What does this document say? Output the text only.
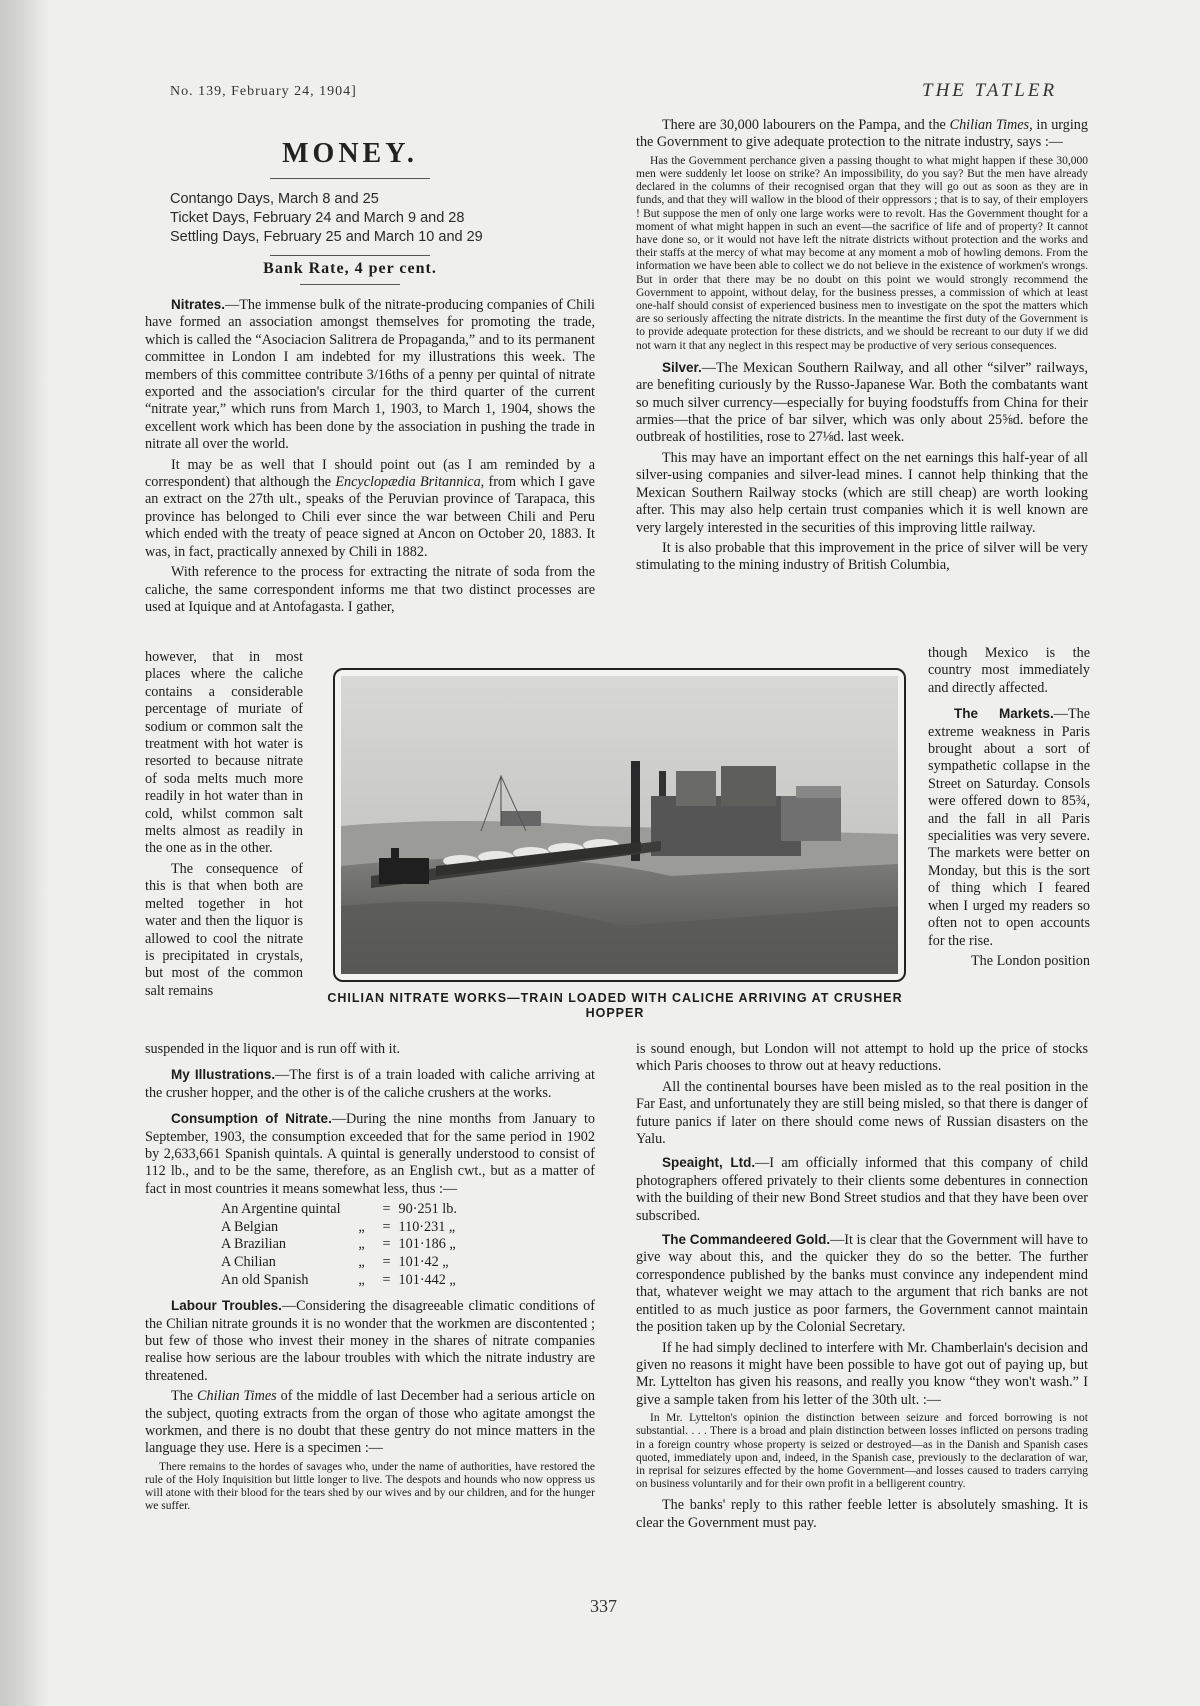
No. 139, February 24, 1904]	THE TATLER
MONEY.
Contango Days, March 8 and 25
Ticket Days, February 24 and March 9 and 28
Settling Days, February 25 and March 10 and 29
Bank Rate, 4 per cent.

Nitrates.—The immense bulk of the nitrate-producing companies of Chili have formed an association amongst themselves for promoting the trade, which is called the “Asociacion Salitrera de Propaganda,” and to its permanent committee in London I am indebted for my illustrations this week. The members of this committee contribute 3/16ths of a penny per quintal of nitrate exported and the association's circular for the third quarter of the current “nitrate year,” which runs from March 1, 1903, to March 1, 1904, shows the excellent work which has been done by the association in pushing the trade in nitrate all over the world.

It may be as well that I should point out (as I am reminded by a correspondent) that although the Encyclopædia Britannica, from which I gave an extract on the 27th ult., speaks of the Peruvian province of Tarapaca, this province has belonged to Chili ever since the war between Chili and Peru which ended with the treaty of peace signed at Ancon on October 20, 1883. It was, in fact, practically annexed by Chili in 1882.

With reference to the process for extracting the nitrate of soda from the caliche, the same correspondent informs me that two distinct processes are used at Iquique and at Antofagasta. I gather,

however, that in most places where the caliche contains a considerable percentage of muriate of sodium or common salt the treatment with hot water is resorted to because nitrate of soda melts much more readily in hot water than in cold, whilst common salt melts almost as readily in the one as in the other.

The consequence of this is that when both are melted together in hot water and then the liquor is allowed to cool the nitrate is precipitated in crystals, but most of the common salt remains	CHILIAN NITRATE WORKS—TRAIN LOADED WITH CALICHE ARRIVING AT CRUSHER HOPPER

suspended in the liquor and is run off with it.

My Illustrations.—The first is of a train loaded with caliche arriving at the crusher hopper, and the other is of the caliche crushers at the works.

Consumption of Nitrate.—During the nine months from January to September, 1903, the consumption exceeded that for the same period in 1902 by 2,633,661 Spanish quintals. A quintal is generally understood to consist of 112 lb., and to be the same, therefore, as an English cwt., but as a matter of fact in most countries it means somewhat less, thus :—

An Argentine quintal		=	90·251 lb.
A Belgian	„	=	110·231 „
A Brazilian	„	=	101·186 „
A Chilian	„	=	101·42 „
An old Spanish	„	=	101·442 „

Labour Troubles.—Considering the disagreeable climatic conditions of the Chilian nitrate grounds it is no wonder that the workmen are discontented ; but few of those who invest their money in the shares of nitrate companies realise how serious are the labour troubles with which the nitrate industry are threatened.

The Chilian Times of the middle of last December had a serious article on the subject, quoting extracts from the organ of those who agitate amongst the workmen, and there is no doubt that these gentry do not mince matters in the language they use. Here is a specimen :—

There remains to the hordes of savages who, under the name of authorities, have restored the rule of the Holy Inquisition but little longer to live. The despots and hounds who now oppress us will atone with their blood for the tears shed by our wives and by our children, and for the hunger we suffer.

There are 30,000 labourers on the Pampa, and the Chilian Times, in urging the Government to give adequate protection to the nitrate industry, says :—

Has the Government perchance given a passing thought to what might happen if these 30,000 men were suddenly let loose on strike? An impossibility, do you say? But the men have already declared in the columns of their recognised organ that they will go out as soon as they are in funds, and that they will wallow in the blood of their oppressors ; that is to say, of their employers ! But suppose the men of only one large works were to revolt. Has the Government thought for a moment of what might happen in such an event—the sacrifice of life and of property? It cannot have done so, or it would not have left the nitrate districts without protection and the works and their staffs at the mercy of what may become at any moment a mob of howling demons. From the information we have been able to collect we do not believe in the existence of workmen's wrongs. But in order that there may be no doubt on this point we would strongly recommend the Government to appoint, without delay, for the business presses, a commission of which at least one-half should consist of experienced business men to investigate on the spot the matters which are so seriously affecting the nitrate districts. In the meantime the first duty of the Government is to provide adequate protection for these districts, and we should be recreant to our duty if we did not warn it that any neglect in this respect may be productive of very serious consequences.

Silver.—The Mexican Southern Railway, and all other “silver” railways, are benefiting curiously by the Russo-Japanese War. Both the combatants want so much silver currency—especially for buying foodstuffs from China for their armies—that the price of bar silver, which was only about 25⅝d. before the outbreak of hostilities, rose to 27⅛d. last week.

This may have an important effect on the net earnings this half-year of all silver-using companies and silver-lead mines. I cannot help thinking that the Mexican Southern Railway stocks (which are still cheap) are worth looking after. This may also help certain trust companies which it is well known are very largely interested in the securities of this improving little railway.

It is also probable that this improvement in the price of silver will be very stimulating to the mining industry of British Columbia,

though Mexico is the country most immediately and directly affected.

The Markets.—The extreme weakness in Paris brought about a sort of sympathetic collapse in the Street on Saturday. Consols were offered down to 85¾, and the fall in all Paris specialities was very severe. The markets were better on Monday, but this is the sort of thing which I feared when I urged my readers so often not to open accounts for the rise.

The London position

is sound enough, but London will not attempt to hold up the price of stocks which Paris chooses to throw out at heavy reductions.

All the continental bourses have been misled as to the real position in the Far East, and unfortunately they are still being misled, so that there is danger of future panics if later on there should come news of Russian disasters on the Yalu.

Speaight, Ltd.—I am officially informed that this company of child photographers offered privately to their clients some debentures in connection with the building of their new Bond Street studios and that they have been over subscribed.

The Commandeered Gold.—It is clear that the Government will have to give way about this, and the quicker they do so the better. The further correspondence published by the banks must convince any independent mind that, whatever weight we may attach to the argument that rich banks are not entitled to as much justice as poor farmers, the Government cannot maintain the position taken up by the Colonial Secretary.

If he had simply declined to interfere with Mr. Chamberlain's decision and given no reasons it might have been possible to have got out of paying up, but Mr. Lyttelton has given his reasons, and really you know “they won't wash.” I give a sample taken from his letter of the 30th ult. :—

In Mr. Lyttelton's opinion the distinction between seizure and forced borrowing is not substantial. . . . There is a broad and plain distinction between losses inflicted on persons trading in a foreign country whose property is seized or destroyed—as in the Danish and Spanish cases quoted, immediately upon and, indeed, in the Spanish case, previously to the declaration of war, in reprisal for seizures effected by the home Government—and losses caused to traders carrying on business voluntarily and for their own profit in a belligerent country.

The banks' reply to this rather feeble letter is absolutely smashing. It is clear the Government must pay.

337
